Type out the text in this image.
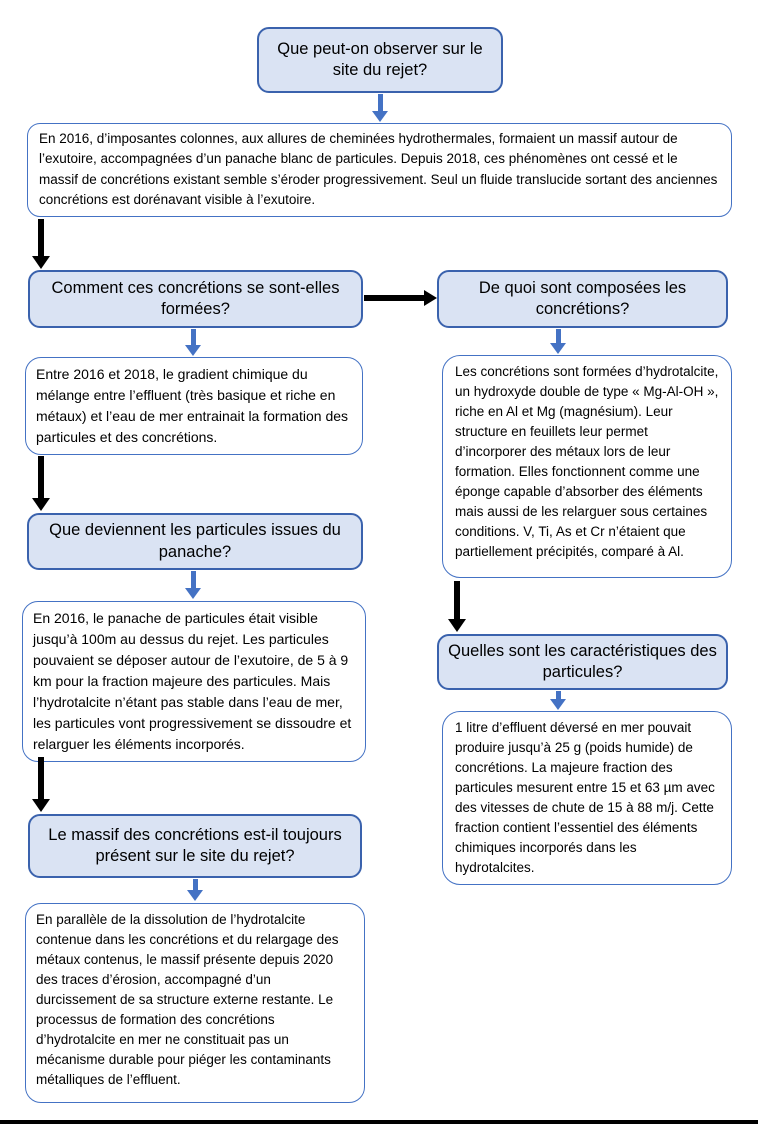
Que peut-on observer sur le site du rejet?
En 2016, d’imposantes colonnes, aux allures de cheminées hydrothermales, formaient un massif autour de l’exutoire, accompagnées d’un panache blanc de particules. Depuis 2018, ces phénomènes ont cessé et le massif de concrétions existant semble s’éroder progressivement. Seul un fluide translucide sortant des anciennes concrétions est dorénavant visible à l’exutoire.
Comment ces concrétions se sont-elles formées?
De quoi sont composées les concrétions?
Entre 2016 et 2018, le gradient chimique du mélange entre l’effluent (très basique et riche en métaux) et l’eau de mer entrainait la formation des particules et des concrétions.
Les concrétions sont formées d’hydrotalcite, un hydroxyde double de type « Mg-Al-OH », riche en Al et Mg (magnésium). Leur structure en feuillets leur permet d’incorporer des métaux lors de leur formation. Elles fonctionnent comme une éponge capable d’absorber des éléments mais aussi de les relarguer sous certaines conditions. V, Ti, As et Cr n’étaient que partiellement précipités, comparé à Al.
Que deviennent les particules issues du panache?
En 2016, le panache de particules était visible jusqu’à 100m au dessus du rejet. Les particules pouvaient se déposer autour de l’exutoire, de 5 à 9 km pour la fraction majeure des particules. Mais l’hydrotalcite n’étant pas stable dans l’eau de mer, les particules vont progressivement se dissoudre et relarguer les éléments incorporés.
Quelles sont les caractéristiques des particules?
1 litre d’effluent déversé en mer pouvait produire jusqu’à 25 g (poids humide) de concrétions. La majeure fraction des particules mesurent entre 15 et 63 µm avec des vitesses de chute de 15 à 88 m/j. Cette fraction contient l’essentiel des éléments chimiques incorporés dans les hydrotalcites.
Le massif des concrétions est-il toujours présent sur le site du rejet?
En parallèle de la dissolution de l’hydrotalcite contenue dans les concrétions et du relargage des métaux contenus, le massif présente depuis 2020 des traces d’érosion, accompagné d’un durcissement de sa structure externe restante. Le processus de formation des concrétions d’hydrotalcite en mer ne constituait pas un mécanisme durable pour piéger les contaminants métalliques de l’effluent.
